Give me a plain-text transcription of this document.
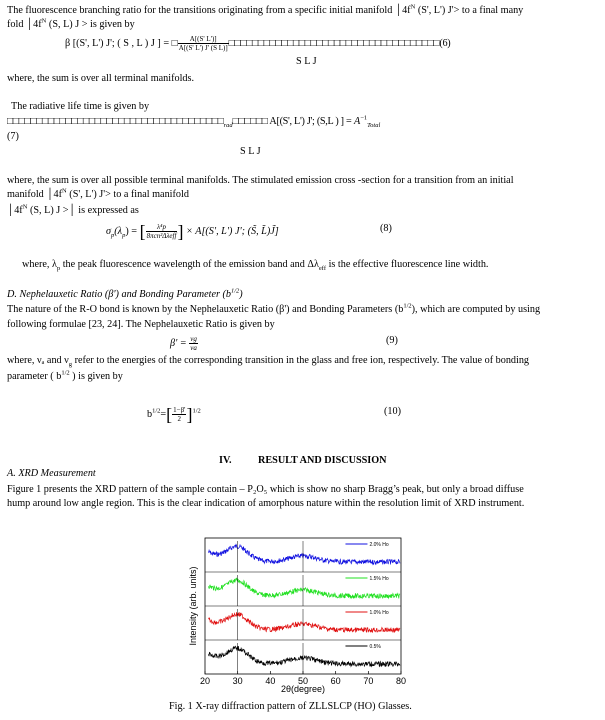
The fluorescence branching ratio for the transitions originating from a specific initial manifold $│4f^N$ (S', L') J'> to a final many
fold $│4f^N$ (S, L) J > is given by
β [(S', L') J'; ( S , L ) J ] = □ $\frac{A[(S' L')]}{\text{A[(S' L') J' (S L)]}}$ □□□□□□□□□□□□□□□□□□□□□□□□□□□□□□□□□□□□(6)
S L J
where, the sum is over all terminal manifolds.
The radiative life time is given by
$□□□□□□□□□□□□□□□□□□□□□□□□□□□□□□□□□□□□□_{rad}□□□□□□$ A[(S', L') J'; (S,L ) ] = $A^{-1}_{Total}$
(7)
S L J
where, the sum is over all possible terminal manifolds. The stimulated emission cross -section for a transition from an initial
manifold $│4f^N$ (S', L') J'> to a final manifold
$│4f^N$ (S, L) J >│ is expressed as
$\sigma_p(\lambda_p)$ = [ $\frac{\text{λ⁴p}}{\text{8πcn²Δλeff}}$ ] × A[(S', L') J'; (S̃, L̃)J̃]	(8)
where, $\lambda_p$ the peak fluorescence wavelength of the emission band and $\Delta\lambda_{eff}$ is the effective fluorescence line width.
D. Nephelauxetic Ratio (β') and Bonding Parameter $(b^{1/2})$
The nature of the R-O bond is known by the Nephelauxetic Ratio (β') and Bonding Parameters $(b^{1/2})$, which are computed by using
following formulae [23, 24]. The Nephelauxetic Ratio is given by
$\beta' = \frac{\nu g}{\nu a}$	(9)
where, νₐ and $\nu_g$ refer to the energies of the corresponding transition in the glass and free ion, respectively. The value of bonding
parameter ( $b^{1/2}$ ) is given by
$b^{1/2}=[ \frac{1-\beta'}{2} ]^{1/2}$	(10)
IV.	RESULT AND DISCUSSION
A. XRD Measurement
Figure 1 presents the XRD pattern of the sample contain – P₂O₅ which is show no sharp Bragg’s peak, but only a broad diffuse
hump around low angle region. This is the clear indication of amorphous nature within the resolution limit of XRD instrument.
2.0% Ho
1.5% Ho
1.0% Ho
0.5%
20	30	40	50	60	70	80
2θ(degree)
Intensity (arb. units)
Fig. 1 X-ray diffraction pattern of ZLLSLCP (HO) Glasses.
